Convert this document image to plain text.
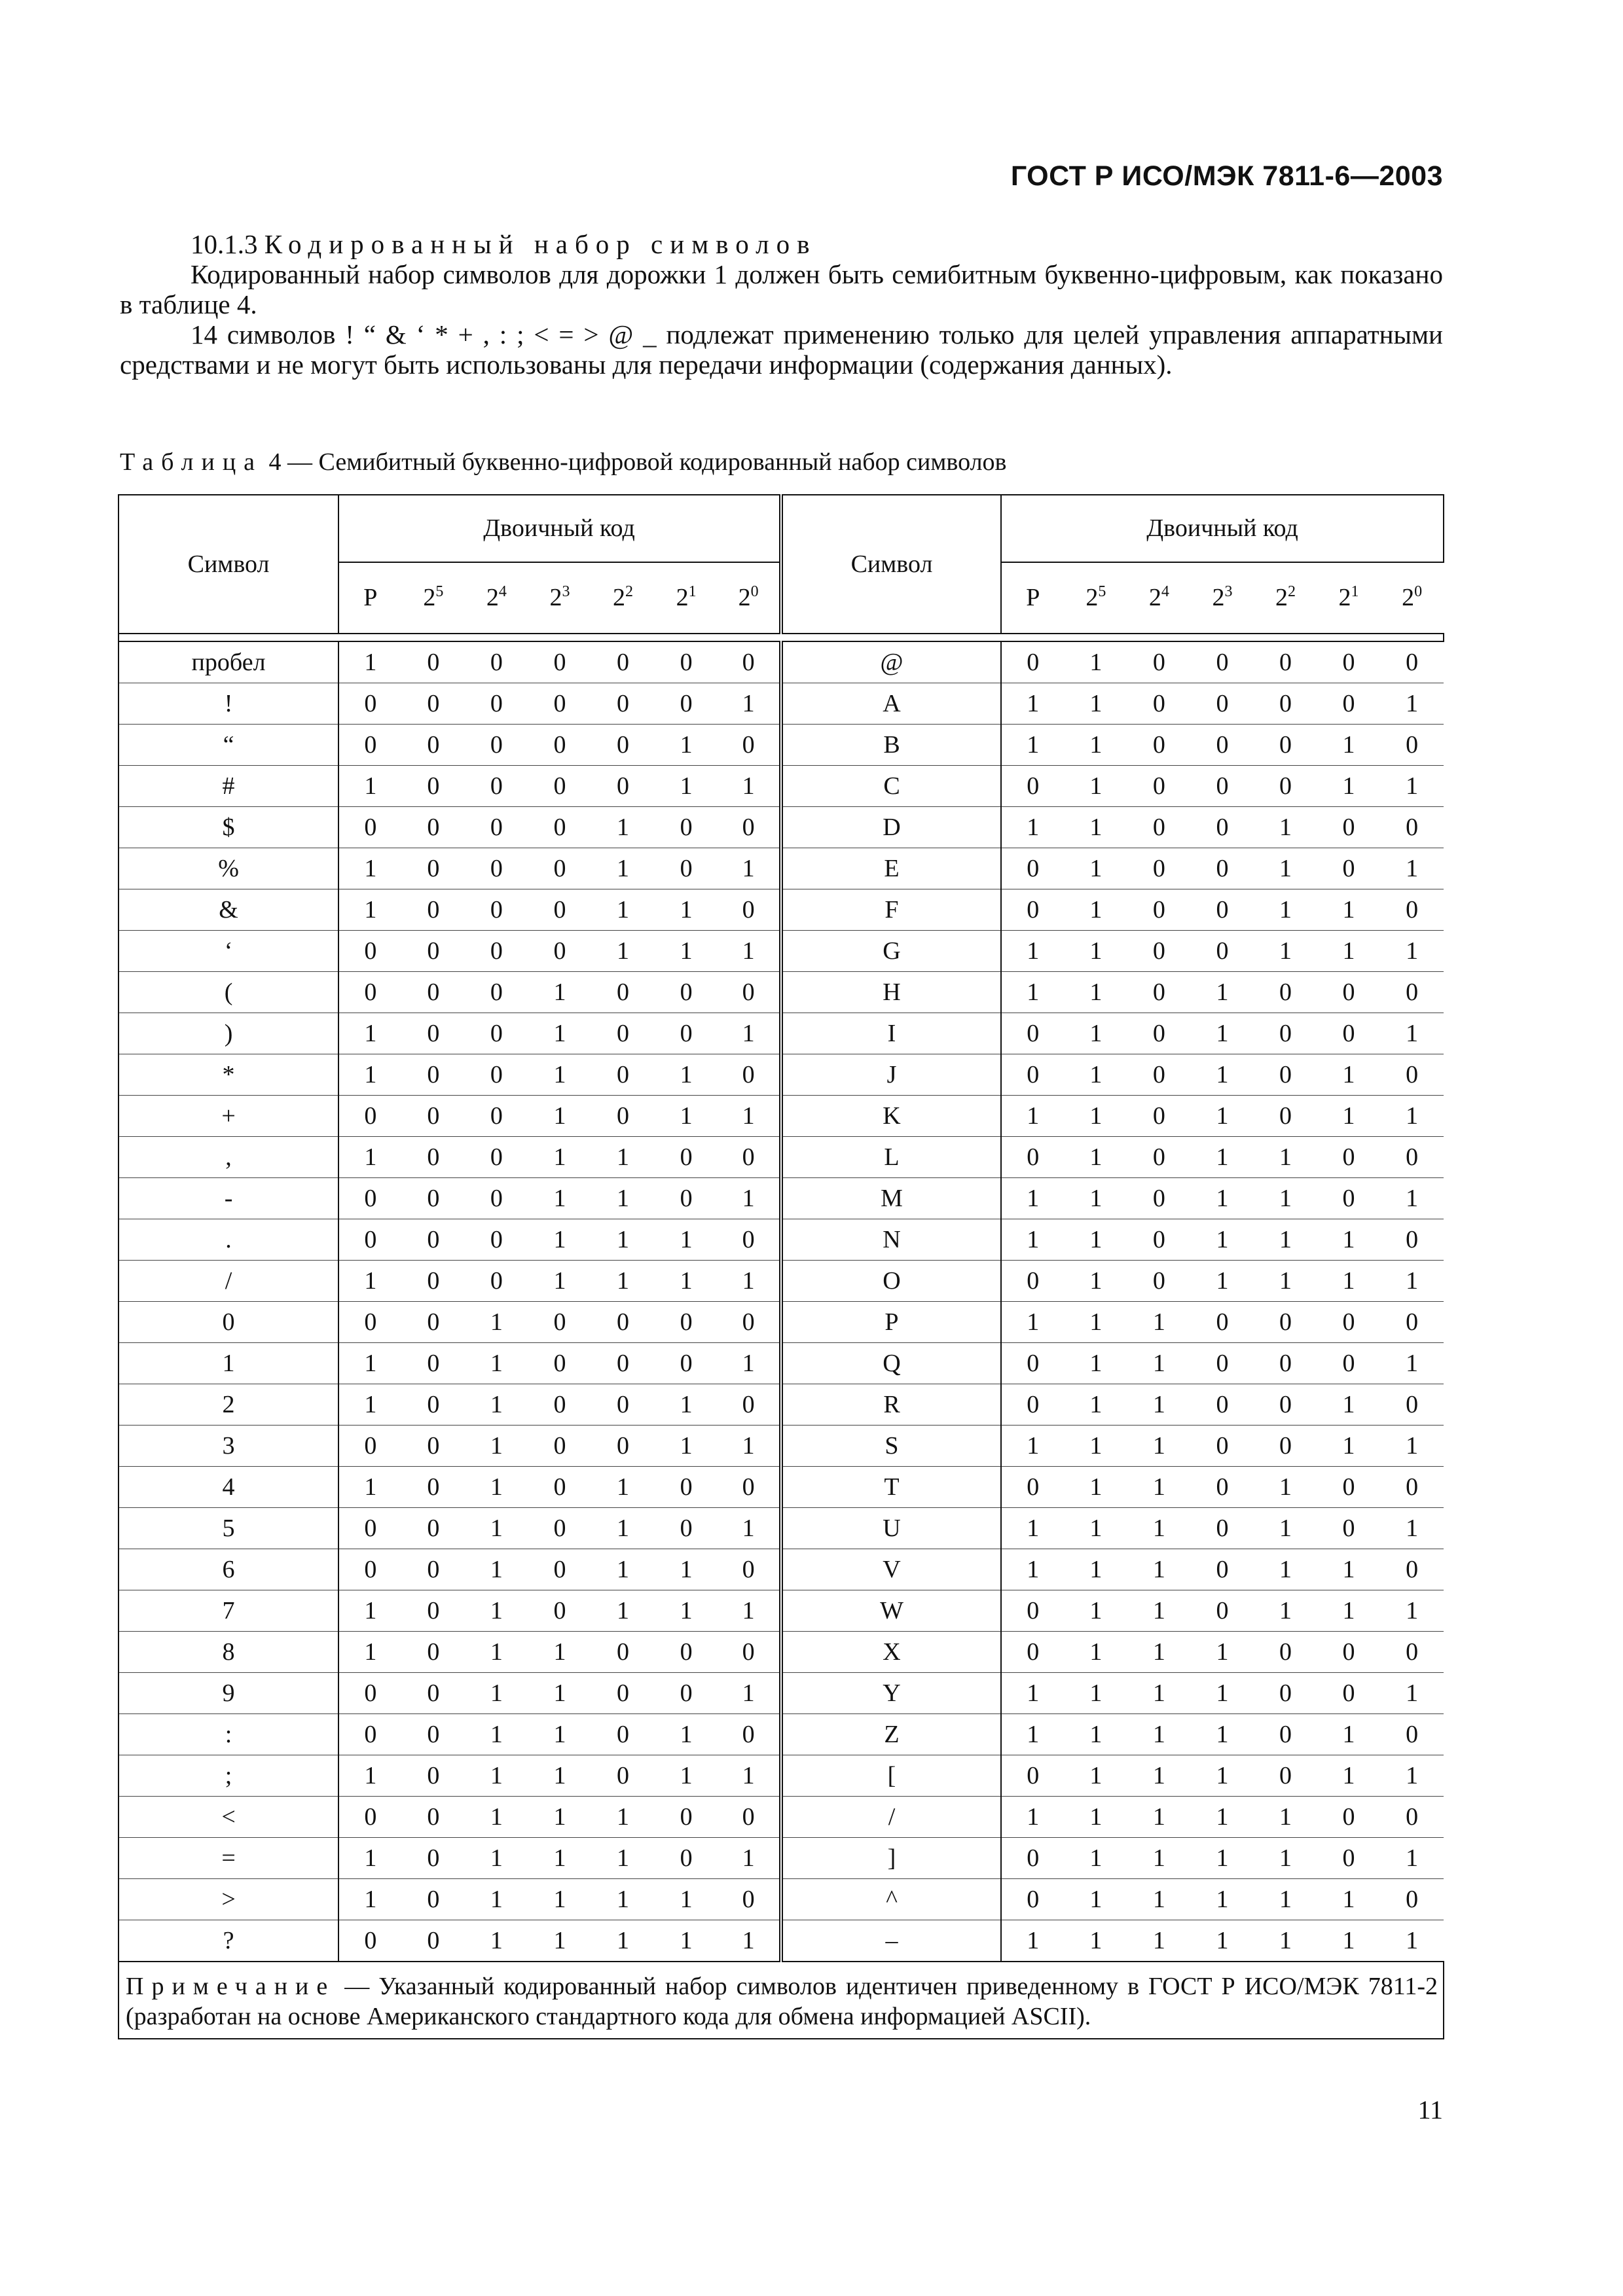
ГОСТ Р ИСО/МЭК 7811-6—2003

10.1.3 Кодированный набор символов

Кодированный набор символов для дорожки 1 должен быть семибитным буквенно-цифровым, как показано в таблице 4.

14 символов ! “ & ‘ * + , : ; < = > @ _ подлежат применению только для целей управления аппаратными средствами и не могут быть использованы для передачи информации (содержания данных).

Таблица 4 — Семибитный буквенно-цифровой кодированный набор символов
Символ	Двоичный код							Символ	Двоичный код						
	P	$2^5$	$2^4$	$2^3$	$2^2$	$2^1$	$2^0$		P	$2^5$	$2^4$	$2^3$	$2^2$	$2^1$	$2^0$

пробел	1	0	0	0	0	0	0	@	0	1	0	0	0	0	0
!	0	0	0	0	0	0	1	A	1	1	0	0	0	0	1
“	0	0	0	0	0	1	0	B	1	1	0	0	0	1	0
#	1	0	0	0	0	1	1	C	0	1	0	0	0	1	1
$	0	0	0	0	1	0	0	D	1	1	0	0	1	0	0
%	1	0	0	0	1	0	1	E	0	1	0	0	1	0	1
&	1	0	0	0	1	1	0	F	0	1	0	0	1	1	0
‘	0	0	0	0	1	1	1	G	1	1	0	0	1	1	1
(	0	0	0	1	0	0	0	H	1	1	0	1	0	0	0
)	1	0	0	1	0	0	1	I	0	1	0	1	0	0	1
*	1	0	0	1	0	1	0	J	0	1	0	1	0	1	0
+	0	0	0	1	0	1	1	K	1	1	0	1	0	1	1
,	1	0	0	1	1	0	0	L	0	1	0	1	1	0	0
-	0	0	0	1	1	0	1	M	1	1	0	1	1	0	1
.	0	0	0	1	1	1	0	N	1	1	0	1	1	1	0
/	1	0	0	1	1	1	1	O	0	1	0	1	1	1	1
0	0	0	1	0	0	0	0	P	1	1	1	0	0	0	0
1	1	0	1	0	0	0	1	Q	0	1	1	0	0	0	1
2	1	0	1	0	0	1	0	R	0	1	1	0	0	1	0
3	0	0	1	0	0	1	1	S	1	1	1	0	0	1	1
4	1	0	1	0	1	0	0	T	0	1	1	0	1	0	0
5	0	0	1	0	1	0	1	U	1	1	1	0	1	0	1
6	0	0	1	0	1	1	0	V	1	1	1	0	1	1	0
7	1	0	1	0	1	1	1	W	0	1	1	0	1	1	1
8	1	0	1	1	0	0	0	X	0	1	1	1	0	0	0
9	0	0	1	1	0	0	1	Y	1	1	1	1	0	0	1
:	0	0	1	1	0	1	0	Z	1	1	1	1	0	1	0
;	1	0	1	1	0	1	1	[	0	1	1	1	0	1	1
<	0	0	1	1	1	0	0	/	1	1	1	1	1	0	0
=	1	0	1	1	1	0	1	]	0	1	1	1	1	0	1
>	1	0	1	1	1	1	0	^	0	1	1	1	1	1	0
?	0	0	1	1	1	1	1	–	1	1	1	1	1	1	1
Примечание — Указанный кодированный набор символов идентичен приведенному в ГОСТ Р ИСО/МЭК 7811-2 (разработан на основе Американского стандартного кода для обмена информацией ASCII).															
11
